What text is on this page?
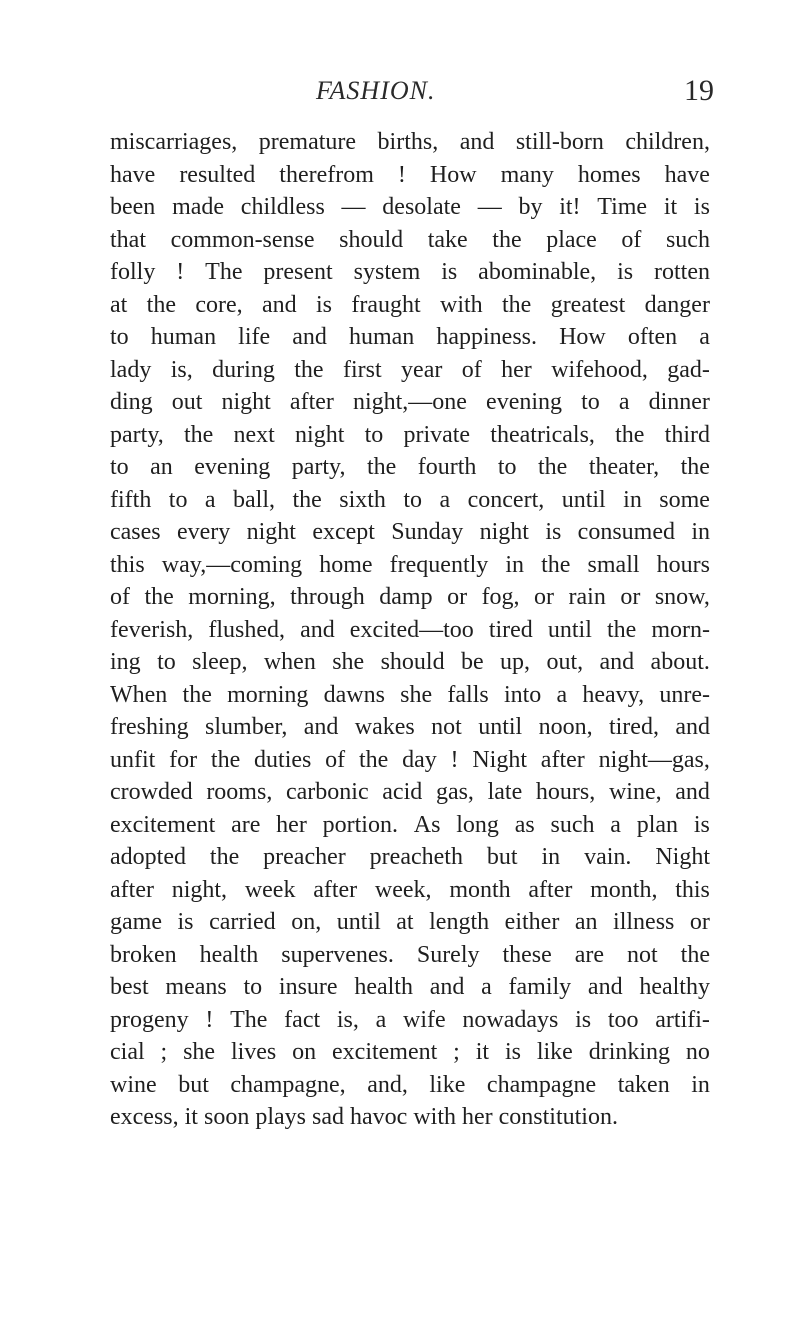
FASHION.	19
miscarriages, premature births, and still-born children,
have resulted therefrom ! How many homes have
been made childless — desolate — by it! Time it is
that common-sense should take the place of such
folly ! The present system is abominable, is rotten
at the core, and is fraught with the greatest danger
to human life and human happiness. How often a
lady is, during the first year of her wifehood, gad-
ding out night after night,—one evening to a dinner
party, the next night to private theatricals, the third
to an evening party, the fourth to the theater, the
fifth to a ball, the sixth to a concert, until in some
cases every night except Sunday night is consumed in
this way,—coming home frequently in the small hours
of the morning, through damp or fog, or rain or snow,
feverish, flushed, and excited—too tired until the morn-
ing to sleep, when she should be up, out, and about.
When the morning dawns she falls into a heavy, unre-
freshing slumber, and wakes not until noon, tired, and
unfit for the duties of the day ! Night after night—gas,
crowded rooms, carbonic acid gas, late hours, wine, and
excitement are her portion. As long as such a plan is
adopted the preacher preacheth but in vain. Night
after night, week after week, month after month, this
game is carried on, until at length either an illness or
broken health supervenes. Surely these are not the
best means to insure health and a family and healthy
progeny ! The fact is, a wife nowadays is too artifi-
cial ; she lives on excitement ; it is like drinking no
wine but champagne, and, like champagne taken in
excess, it soon plays sad havoc with her constitution.
